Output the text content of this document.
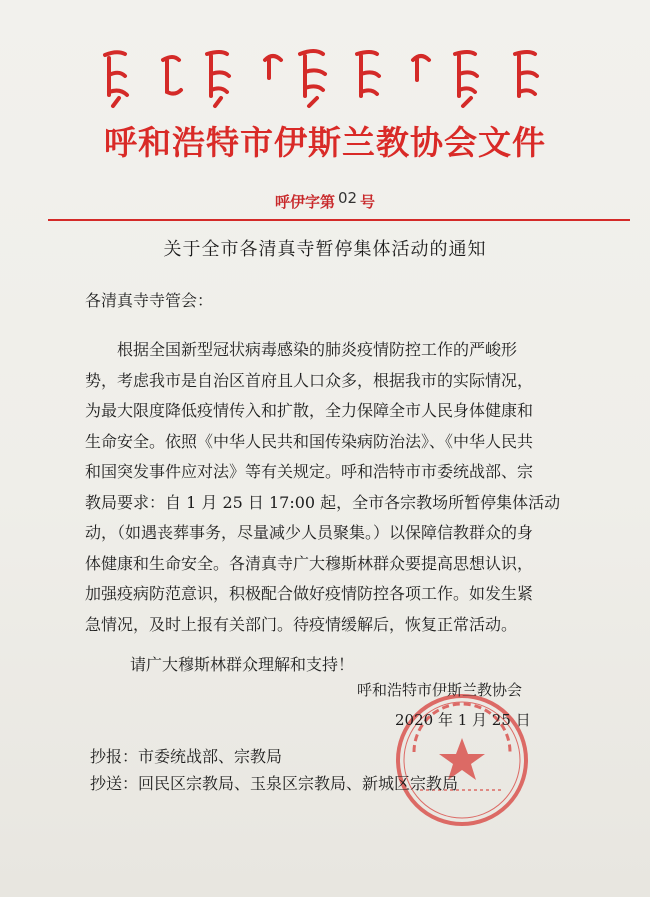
呼和浩特市伊斯兰教协会文件
呼伊字第 02 号
关于全市各清真寺暂停集体活动的通知
各清真寺寺管会：
根据全国新型冠状病毒感染的肺炎疫情防控工作的严峻形
势，考虑我市是自治区首府且人口众多，根据我市的实际情况，
为最大限度降低疫情传入和扩散，全力保障全市人民身体健康和
生命安全。依照《中华人民共和国传染病防治法》、《中华人民共
和国突发事件应对法》等有关规定。呼和浩特市市委统战部、宗
教局要求：自 1 月 25 日 17:00 起，全市各宗教场所暂停集体活动
动，（如遇丧葬事务，尽量减少人员聚集。）以保障信教群众的身
体健康和生命安全。各清真寺广大穆斯林群众要提高思想认识，
加强疫病防范意识，积极配合做好疫情防控各项工作。如发生紧
急情况，及时上报有关部门。待疫情缓解后，恢复正常活动。
请广大穆斯林群众理解和支持！
呼和浩特市伊斯兰教协会
2020 年 1 月 25 日
抄报：市委统战部、宗教局
抄送：回民区宗教局、玉泉区宗教局、新城区宗教局
